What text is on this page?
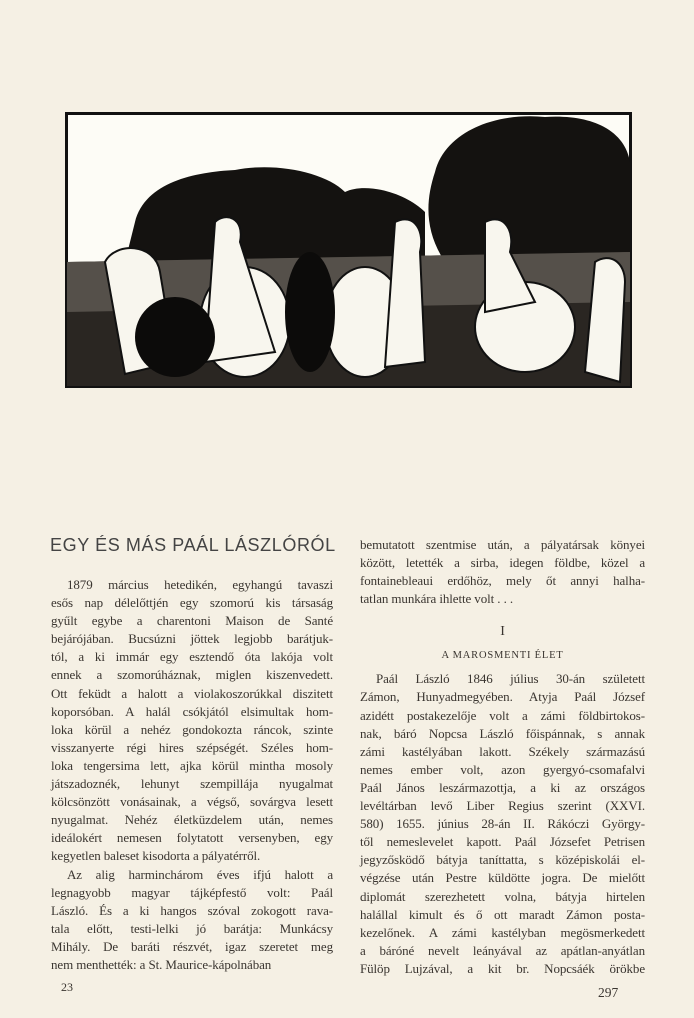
EGY ÉS MÁS PAÁL LÁSZLÓRÓL
1879 március hetedikén, egyhangú tavaszi
esős nap délelőttjén egy szomorú kis társaság
gyűlt egybe a charentoni Maison de Santé
bejárójában. Bucsúzni jöttek legjobb barátjuk-
tól, a ki immár egy esztendő óta lakója volt
ennek a szomorúháznak, miglen kiszenvedett.
Ott feküdt a halott a violakoszorúkkal diszitett
koporsóban. A halál csókjától elsimultak hom-
loka körül a nehéz gondokozta ráncok, szinte
visszanyerte régi hires szépségét. Széles hom-
loka tengersima lett, ajka körül mintha mosoly
játszadoznék, lehunyt szempillája nyugalmat
kölcsönzött vonásainak, a végső, sovárgva lesett
nyugalmat. Nehéz életküzdelem után, nemes
ideálokért nemesen folytatott versenyben, egy
kegyetlen baleset kisodorta a pályatérről.
Az alig harminchárom éves ifjú halott a
legnagyobb magyar tájképfestő volt: Paál
László. És a ki hangos szóval zokogott rava-
tala előtt, testi-lelki jó barátja: Munkácsy
Mihály. De baráti részvét, igaz szeretet meg
nem menthették: a St. Maurice-kápolnában
bemutatott szentmise után, a pályatársak könyei
között, letették a sirba, idegen földbe, közel a
fontainebleaui erdőhöz, mely őt annyi halha-
tatlan munkára ihlette volt . . .
I
A MAROSMENTI ÉLET
Paál László 1846 július 30-án született
Zámon, Hunyadmegyében. Atyja Paál József
azidétt postakezelője volt a zámi földbirtokos-
nak, báró Nopcsa László főispánnak, s annak
zámi kastélyában lakott. Székely származású
nemes ember volt, azon gyergyó-csomafalvi
Paál János leszármazottja, a ki az országos
levéltárban levő Liber Regius szerint (XXVI.
580) 1655. június 28-án II. Rákóczi György-
től nemeslevelet kapott. Paál Józsefet Petrisen
jegyzősködő bátyja taníttatta, s középiskolái el-
végzése után Pestre küldötte jogra. De mielőtt
diplomát szerezhetett volna, bátyja hirtelen
halállal kimult és ő ott maradt Zámon posta-
kezelőnek. A zámi kastélyban megösmerkedett
a báróné nevelt leányával az apátlan-anyátlan
Fülöp Lujzával, a kit br. Nopcsáék örökbe
23	297
